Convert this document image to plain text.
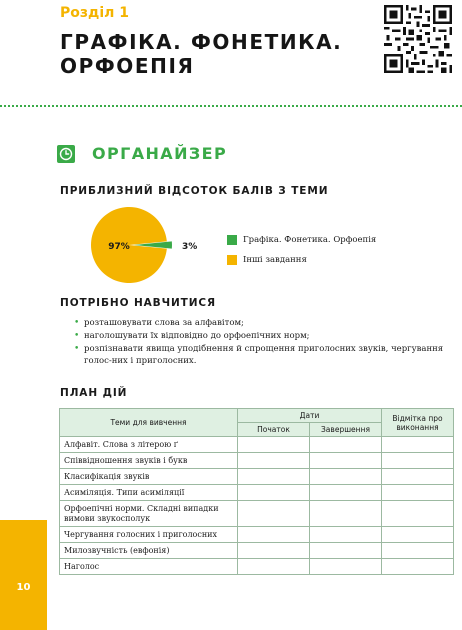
Розділ 1
ГРАФІКА. ФОНЕТИКА.
ОРФОЕПІЯ
ОРГАНАЙЗЕР
ПРИБЛИЗНИЙ ВІДСОТОК БАЛІВ З ТЕМИ
3%
97%
Графіка. Фонетика. Орфоепія
Інші завдання
ПОТРІБНО НАВЧИТИСЯ
• розташовувати слова за алфавітом;
• наголошувати їх відповідно до орфоепічних норм;
• розпізнавати явища уподібнення й спрощення приголосних звуків, чергування голос-них і приголосних.
ПЛАН ДІЙ
Теми для вивчення	Дати		Відмітка про виконання
	Початок	Завершення	
Алфавіт. Слова з літерою ґ			
Співвідношення звуків і букв			
Класифікація звуків			
Асиміляція. Типи асиміляції			
Орфоепічні норми. Складні випадки вимови звукосполук			
Чергування голосних і приголосних			
Милозвучність (евфонія)			
Наголос			
10
